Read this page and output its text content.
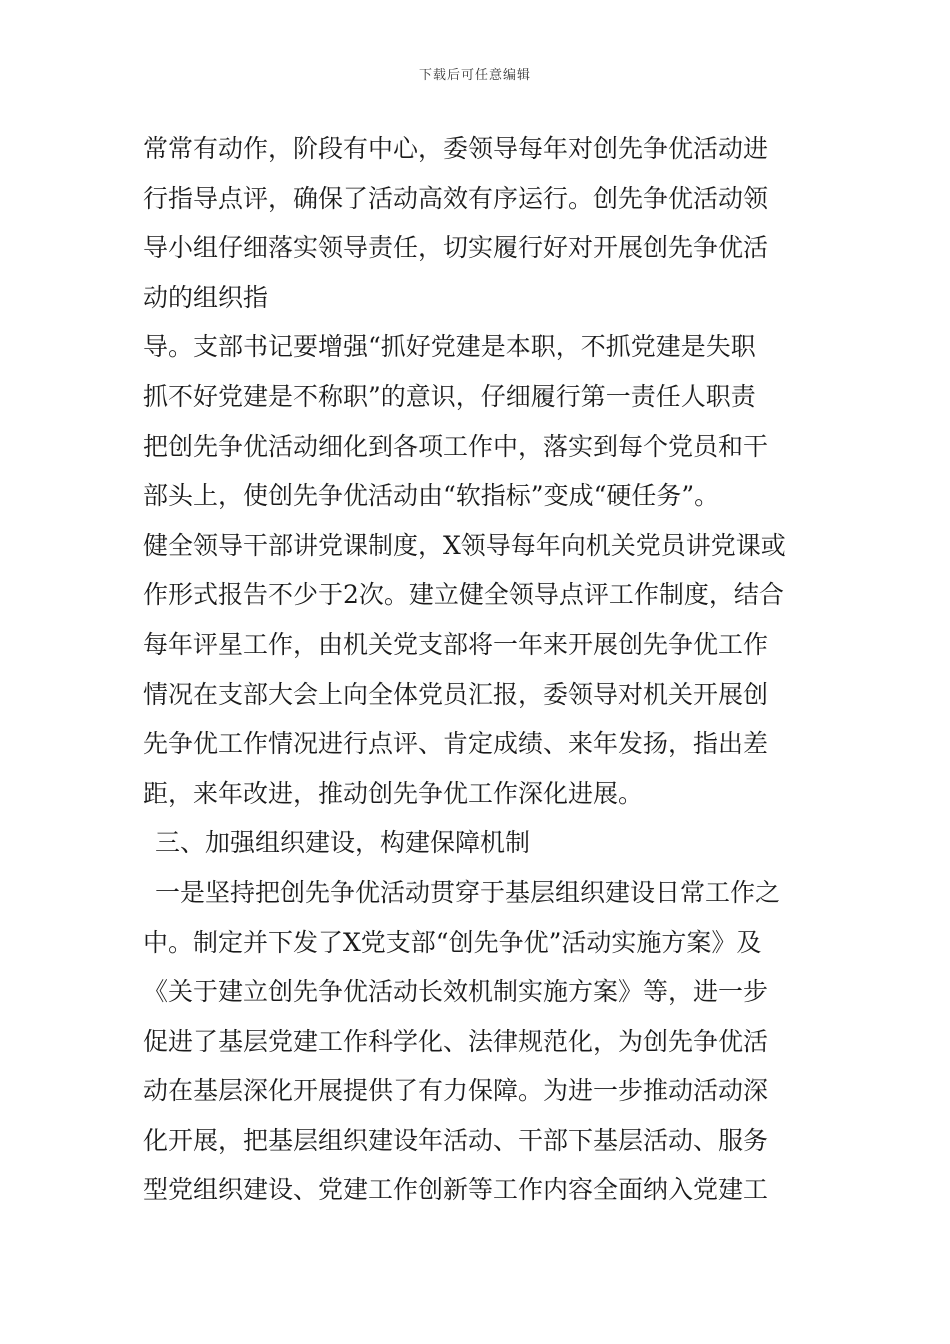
下载后可任意编辑
常常有动作，阶段有中心，委领导每年对创先争优活动进
行指导点评，确保了活动高效有序运行。创先争优活动领
导小组仔细落实领导责任，切实履行好对开展创先争优活
动的组织指
导。支部书记要增强“抓好党建是本职，不抓党建是失职
抓不好党建是不称职”的意识，仔细履行第一责任人职责
把创先争优活动细化到各项工作中，落实到每个党员和干
部头上，使创先争优活动由“软指标”变成“硬任务”。
健全领导干部讲党课制度，X领导每年向机关党员讲党课或
作形式报告不少于2次。建立健全领导点评工作制度，结合
每年评星工作，由机关党支部将一年来开展创先争优工作
情况在支部大会上向全体党员汇报，委领导对机关开展创
先争优工作情况进行点评、肯定成绩、来年发扬，指出差
距，来年改进，推动创先争优工作深化进展。
三、加强组织建设，构建保障机制
一是坚持把创先争优活动贯穿于基层组织建设日常工作之
中。制定并下发了X党支部“创先争优”活动实施方案》及
《关于建立创先争优活动长效机制实施方案》等，进一步
促进了基层党建工作科学化、法律规范化，为创先争优活
动在基层深化开展提供了有力保障。为进一步推动活动深
化开展，把基层组织建设年活动、干部下基层活动、服务
型党组织建设、党建工作创新等工作内容全面纳入党建工
